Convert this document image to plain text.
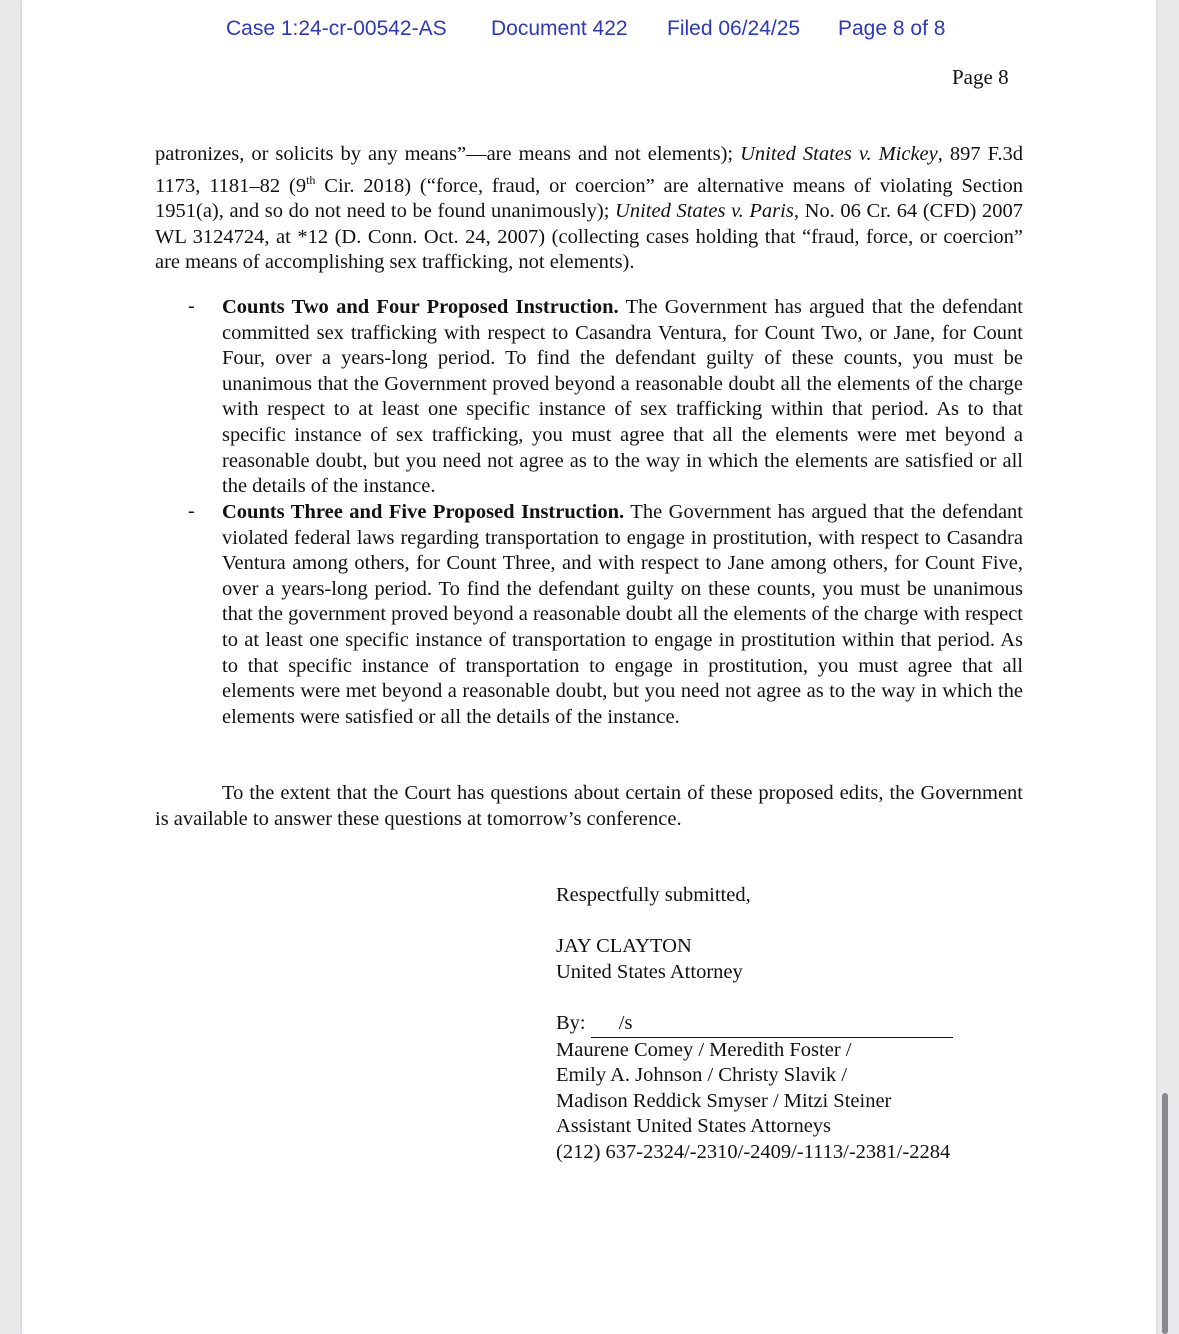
Case 1:24-cr-00542-AS Document 422 Filed 06/24/25 Page 8 of 8
Page 8
patronizes, or solicits by any means”—are means and not elements); United States v. Mickey, 897 F.3d 1173, 1181–82 (9th Cir. 2018) (“force, fraud, or coercion” are alternative means of violating Section 1951(a), and so do not need to be found unanimously); United States v. Paris, No. 06 Cr. 64 (CFD) 2007 WL 3124724, at *12 (D. Conn. Oct. 24, 2007) (collecting cases holding that “fraud, force, or coercion” are means of accomplishing sex trafficking, not elements).
- Counts Two and Four Proposed Instruction. The Government has argued that the defendant committed sex trafficking with respect to Casandra Ventura, for Count Two, or Jane, for Count Four, over a years-long period. To find the defendant guilty of these counts, you must be unanimous that the Government proved beyond a reasonable doubt all the elements of the charge with respect to at least one specific instance of sex trafficking within that period. As to that specific instance of sex trafficking, you must agree that all the elements were met beyond a reasonable doubt, but you need not agree as to the way in which the elements are satisfied or all the details of the instance.
- Counts Three and Five Proposed Instruction. The Government has argued that the defendant violated federal laws regarding transportation to engage in prostitution, with respect to Casandra Ventura among others, for Count Three, and with respect to Jane among others, for Count Five, over a years-long period. To find the defendant guilty on these counts, you must be unanimous that the government proved beyond a reasonable doubt all the elements of the charge with respect to at least one specific instance of transportation to engage in prostitution within that period. As to that specific instance of transportation to engage in prostitution, you must agree that all elements were met beyond a reasonable doubt, but you need not agree as to the way in which the elements were satisfied or all the details of the instance.
To the extent that the Court has questions about certain of these proposed edits, the Government is available to answer these questions at tomorrow’s conference.
Respectfully submitted,
JAY CLAYTON
United States Attorney
By: /s
Maurene Comey / Meredith Foster /
Emily A. Johnson / Christy Slavik /
Madison Reddick Smyser / Mitzi Steiner
Assistant United States Attorneys
(212) 637-2324/-2310/-2409/-1113/-2381/-2284
